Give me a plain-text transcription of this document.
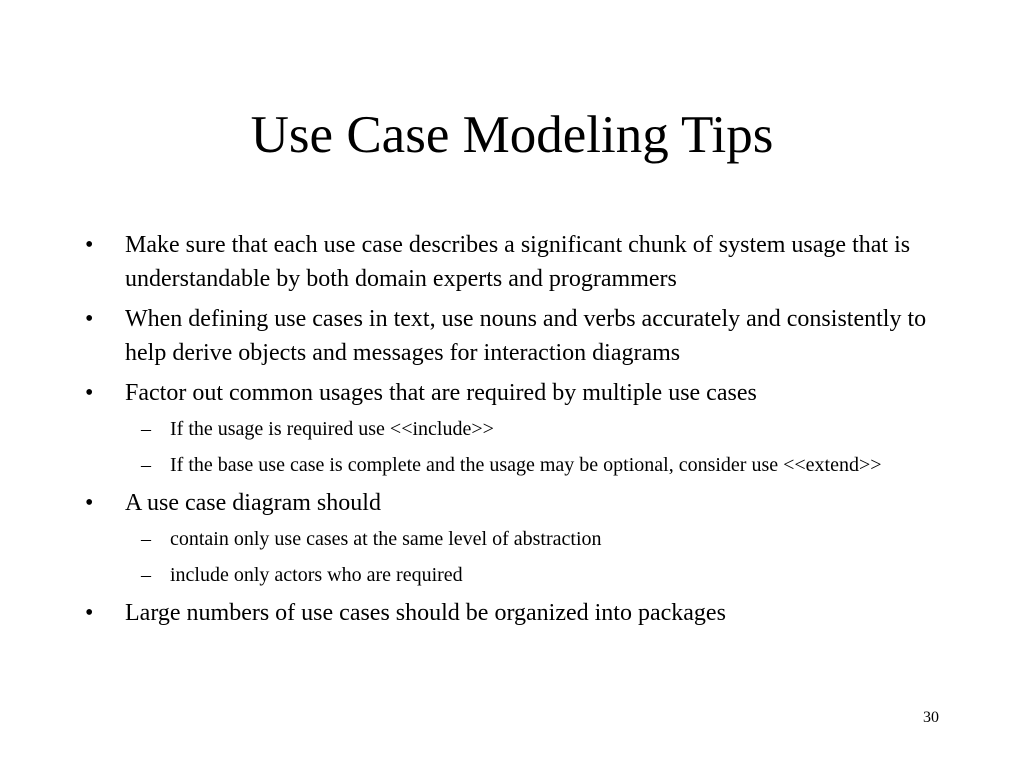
Use Case Modeling Tips
•	Make sure that each use case describes a significant chunk of system usage that is understandable by both domain experts and programmers
•	When defining use cases in text, use nouns and verbs accurately and consistently to help derive objects and messages for interaction diagrams
•	Factor out common usages that are required by multiple use cases
– If the usage is required use <<include>>
– If the base use case is complete and the usage may be optional, consider use <<extend>>
•	A use case diagram should
– contain only use cases at the same level of abstraction
– include only actors who are required
•	Large numbers of use cases should be organized into packages
30
